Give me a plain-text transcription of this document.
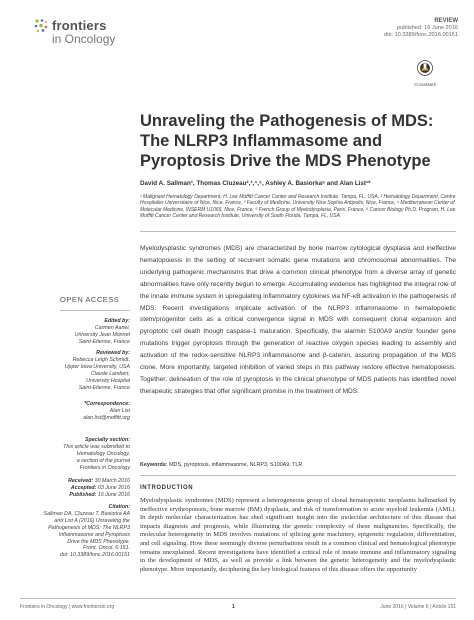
frontiers
in Oncology
REVIEW
published: 16 June 2016
doi: 10.3389/fonc.2016.00151
CrossMark
Unraveling the Pathogenesis of MDS: The NLRP3 Inflammasome and Pyroptosis Drive the MDS Phenotype
David A. Sallman¹, Thomas Cluzeau²,³,⁴,⁵, Ashley A. Basiorka⁶ and Alan List¹*
¹ Malignant Hematology Department, H. Lee Moffitt Cancer Center and Research Institute, Tampa, FL, USA, ² Hematology Department, Centre Hospitalier Universitaire of Nice, Nice, France, ³ Faculty of Medicine, University Nice Sophia Antipolis, Nice, France, ⁴ Mediterranean Center of Molecular Medicine, INSERM U1065, Nice, France, ⁵ French Group of Myelodysplasia, Paris, France, ⁶ Cancer Biology Ph.D. Program, H. Lee Moffitt Cancer Center and Research Institute, University of South Florida, Tampa, FL, USA
Myelodysplastic syndromes (MDS) are characterized by bone marrow cytological dysplasia and ineffective hematopoiesis in the setting of recurrent somatic gene mutations and chromosomal abnormalities. The underlying pathogenic mechanisms that drive a common clinical phenotype from a diverse array of genetic abnormalities have only recently begun to emerge. Accumulating evidence has highlighted the integral role of the innate immune system in upregulating inflammatory cytokines via NF-κB activation in the pathogenesis of MDS. Recent investigations implicate activation of the NLRP3 inflammasome in hematopoietic stem/progenitor cells as a critical convergence signal in MDS with consequent clonal expansion and pyroptotic cell death though caspase-1 maturation. Specifically, the alarmin S100A9 and/or founder gene mutations trigger pyroptosis through the generation of reactive oxygen species leading to assembly and activation of the redox-sensitive NLRP3 inflammasome and β-catenin, assuring propagation of the MDS clone. More importantly, targeted inhibition of varied steps in this pathway restore effective hematopoiesis. Together, delineation of the role of pyroptosis in the clinical phenotype of MDS patients has identified novel therapeutic strategies that offer significant promise in the treatment of MDS.
Keywords: MDS, pyroptosis, inflammasome, NLRP3, S100A9, TLR
OPEN ACCESS
Edited by:
Carmen Aanei,
University Jean Monnet
Saint-Etienne, France
Reviewed by:
Rebecca Leigh Schmidt,
Upper Iowa University, USA
Claude Lambert,
University Hospital
Saint-Etienne, France
*Correspondence:
Alan List
alan.list@moffitt.org
Specialty section:
This article was submitted to
Hematology Oncology,
a section of the journal
Frontiers in Oncology
Received: 30 March 2016
Accepted: 03 June 2016
Published: 16 June 2016
Citation:
Sallman DA, Cluzeau T, Basiorka AA
and List A (2016) Unraveling the
Pathogenesis of MDS: The NLRP3
Inflammasome and Pyroptosis
Drive the MDS Phenotype.
Front. Oncol. 6:151.
doi: 10.3389/fonc.2016.00151
INTRODUCTION
Myelodysplastic syndromes (MDS) represent a heterogeneous group of clonal hematopoietic neoplasms hallmarked by ineffective erythropoiesis, bone marrow (BM) dysplasia, and risk of transformation to acute myeloid leukemia (AML). In depth molecular characterization has shed significant insight into the molecular architecture of this disease that impacts diagnosis and prognosis, while illustrating the genetic complexity of these malignancies. Specifically, the molecular heterogeneity in MDS involves mutations of splicing gene machinery, epigenetic regulation, differentiation, and cell signaling. How these seemingly diverse perturbations result in a common clinical and hematological phenotype remains unexplained. Recent investigations have identified a critical role of innate immune and inflammatory signaling in the development of MDS, as well as provide a link between the genetic heterogeneity and the myelodysplastic phenotype. More importantly, deciphering the key biological features of this disease offers the opportunity
Frontiers in Oncology | www.frontiersin.org	1	June 2016 | Volume 6 | Article 151
